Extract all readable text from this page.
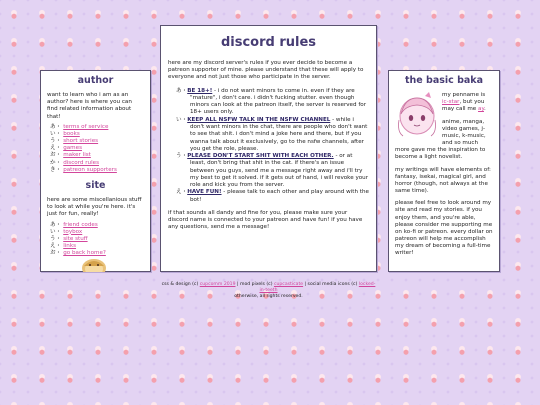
author

want to learn who i am as an author? here is where you can find related information about that!

あ・ terms of service
い・ books
う・ short stories
え・ games
お・ maker list
か・ discord rules
き・ patreon supporters
site

here are some miscellanious stuff to look at while you're here. it's just for fun, really!

あ・ friend codes
い・ toybox
う・ site stuff
え・ links
お・ go back home?
discord rules

here are my discord server's rules if you ever decide to become a patreon supporter of mine. please understand that these will apply to everyone and not just those who participate in the server.

あ・BE 18+! - i do not want minors to come in. even if they are "mature", i don't care. i didn't fucking stutter. even though minors can look at the patreon itself, the server is reserved for 18+ users only.
い・KEEP ALL NSFW TALK IN THE NSFW CHANNEL - while i don't want minors in the chat, there are people who don't want to see that shit. i don't mind a joke here and there, but if you wanna talk about it exclusively, go to the nsfw channels, after you get the role, please.
う・PLEASE DON'T START SHIT WITH EACH OTHER. - or at least, don't bring that shit in the cat. if there's an issue between you guys, send me a message right away and i'll try my best to get it solved. if it gets out of hand, i will revoke your role and kick you from the server.
え・HAVE FUN! - please talk to each other and play around with the bot!

if that sounds all dandy and fine for you, please make sure your discord name is connected to your patreon and have fun! if you have any questions, send me a message!

the basic baka

my penname is ic-star, but you may call me ay.

anime, manga, video games, j-music, k-music, and so much more gave me the inspiration to become a light novelist.

my writings will have elements of: fantasy, isekai, magical girl, and horror (though, not always at the same time).

please feel free to look around my site and read my stories. if you enjoy them, and you're able, please consider me supporting me on ko-fi or patreon. every dollar on patreon will help me accomplish my dream of becoming a full-time writer!

css & design (c) cupcomm 2019 | mod pixels (c) cupcasticate | social media icons (c) locked-in-teeth
otherwise, all rights reserved.
